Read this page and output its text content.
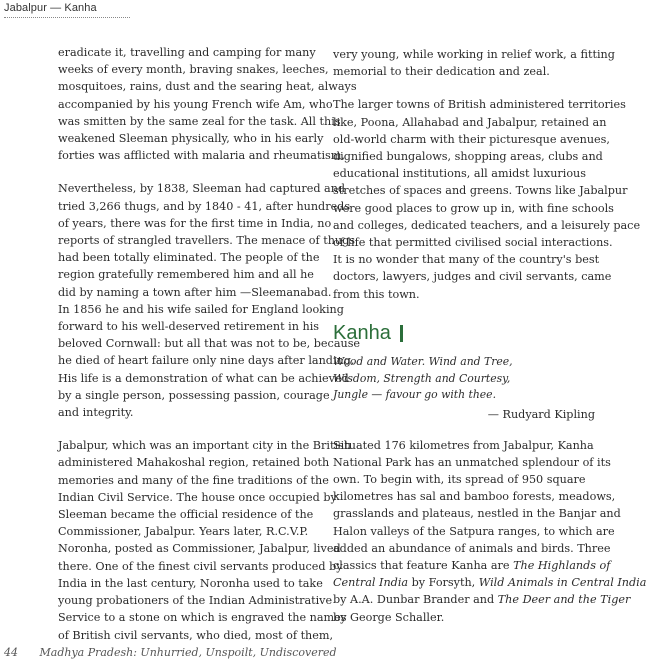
Jabalpur — Kanha

eradicate it, travelling and camping for many
weeks of every month, braving snakes, leeches,
mosquitoes, rains, dust and the searing heat, always
accompanied by his young French wife Am, who
was smitten by the same zeal for the task. All this
weakened Sleeman physically, who in his early
forties was afflicted with malaria and rheumatism.

Nevertheless, by 1838, Sleeman had captured and
tried 3,266 thugs, and by 1840 - 41, after hundreds
of years, there was for the first time in India, no
reports of strangled travellers. The menace of thugs
had been totally eliminated. The people of the
region gratefully remembered him and all he
did by naming a town after him —Sleemanabad.
In 1856 he and his wife sailed for England looking
forward to his well-deserved retirement in his
beloved Cornwall: but all that was not to be, because
he died of heart failure only nine days after landing.
His life is a demonstration of what can be achieved
by a single person, possessing passion, courage
and integrity.

Jabalpur, which was an important city in the British
administered Mahakoshal region, retained both
memories and many of the fine traditions of the
Indian Civil Service. The house once occupied by
Sleeman became the official residence of the
Commissioner, Jabalpur. Years later, R.C.V.P.
Noronha, posted as Commissioner, Jabalpur, lived
there. One of the finest civil servants produced by
India in the last century, Noronha used to take
young probationers of the Indian Administrative
Service to a stone on which is engraved the names
of British civil servants, who died, most of them,

very young, while working in relief work, a fitting
memorial to their dedication and zeal.

The larger towns of British administered territories
like, Poona, Allahabad and Jabalpur, retained an
old-world charm with their picturesque avenues,
dignified bungalows, shopping areas, clubs and
educational institutions, all amidst luxurious
stretches of spaces and greens. Towns like Jabalpur
were good places to grow up in, with fine schools
and colleges, dedicated teachers, and a leisurely pace
of life that permitted civilised social interactions.
It is no wonder that many of the country's best
doctors, lawyers, judges and civil servants, came
from this town.

Kanha
Wood and Water. Wind and Tree,
Wisdom, Strength and Courtesy,
Jungle — favour go with thee.
— Rudyard Kipling

Situated 176 kilometres from Jabalpur, Kanha
National Park has an unmatched splendour of its
own. To begin with, its spread of 950 square
kilometres has sal and bamboo forests, meadows,
grasslands and plateaus, nestled in the Banjar and
Halon valleys of the Satpura ranges, to which are
added an abundance of animals and birds. Three
classics that feature Kanha are The Highlands of
Central India by Forsyth, Wild Animals in Central India
by A.A. Dunbar Brander and The Deer and the Tiger
by George Schaller.

44 Madhya Pradesh: Unhurried, Unspoilt, Undiscovered
